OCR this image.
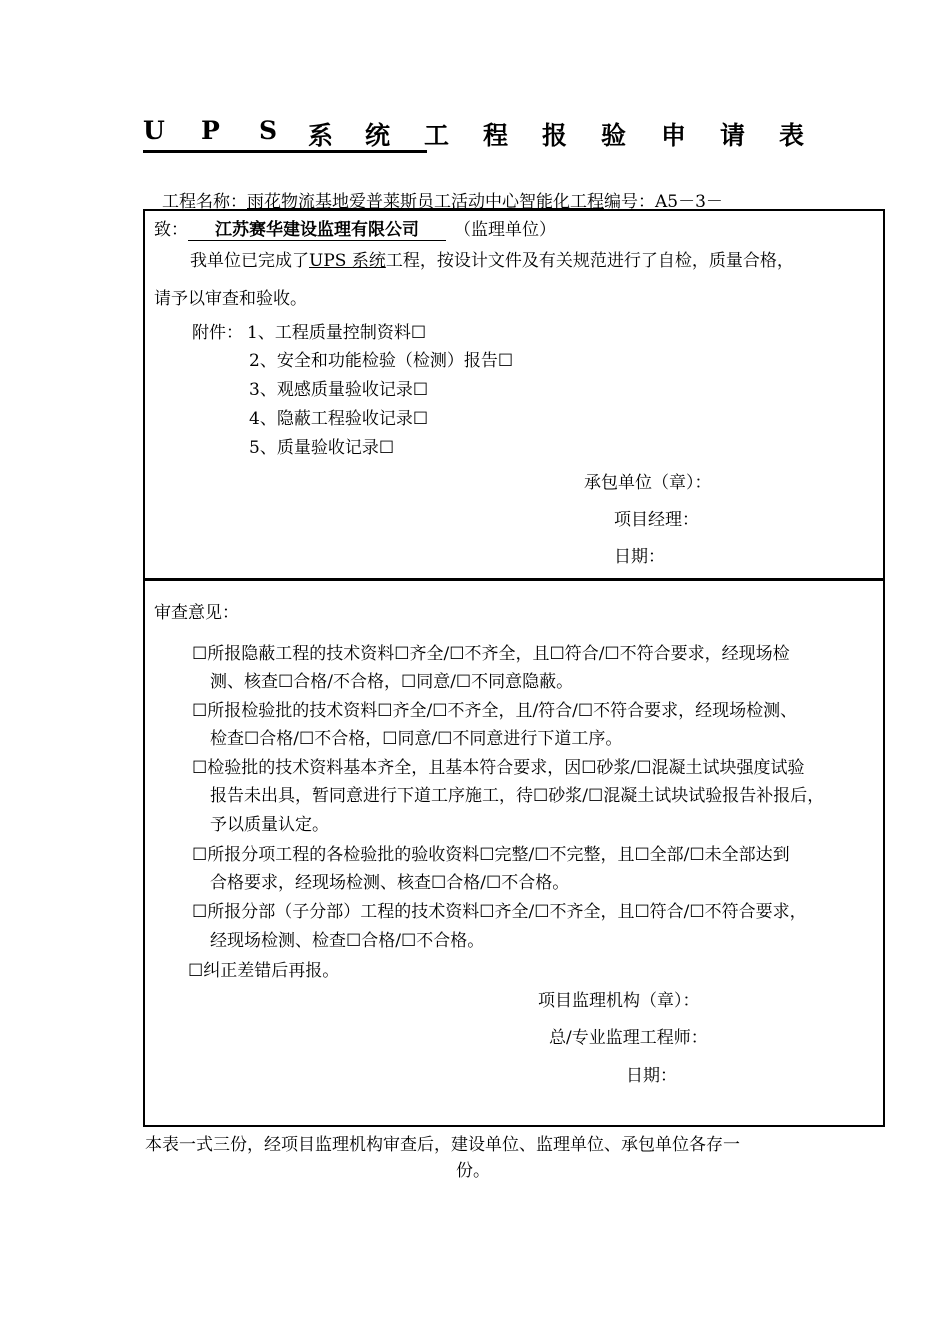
U P S 系 统 工 程 报 验 申 请 表
工程名称：雨花物流基地爱普莱斯员工活动中心智能化工程编号：A5－3－
致： 江苏赛华建设监理有限公司 （监理单位）
我单位已完成了UPS 系统工程，按设计文件及有关规范进行了自检，质量合格，
请予以审查和验收。
附件： 1、工程质量控制资料☐
2、安全和功能检验（检测）报告☐
3、观感质量验收记录☐
4、隐蔽工程验收记录☐
5、质量验收记录☐
承包单位（章）：
项目经理：
日期：
审查意见：
☐所报隐蔽工程的技术资料☐齐全/☐不齐全，且☐符合/☐不符合要求，经现场检
测、核查☐合格/不合格，☐同意/☐不同意隐蔽。
☐所报检验批的技术资料☐齐全/☐不齐全，且/符合/☐不符合要求，经现场检测、
检查☐合格/☐不合格，☐同意/☐不同意进行下道工序。
☐检验批的技术资料基本齐全，且基本符合要求，因☐砂浆/☐混凝土试块强度试验
报告未出具，暂同意进行下道工序施工，待☐砂浆/☐混凝土试块试验报告补报后，
予以质量认定。
☐所报分项工程的各检验批的验收资料☐完整/☐不完整，且☐全部/☐未全部达到
合格要求，经现场检测、核查☐合格/☐不合格。
☐所报分部（子分部）工程的技术资料☐齐全/☐不齐全，且☐符合/☐不符合要求，
经现场检测、检查☐合格/☐不合格。
☐纠正差错后再报。
项目监理机构（章）：
总/专业监理工程师：
日期：
本表一式三份，经项目监理机构审查后，建设单位、监理单位、承包单位各存一
份。
